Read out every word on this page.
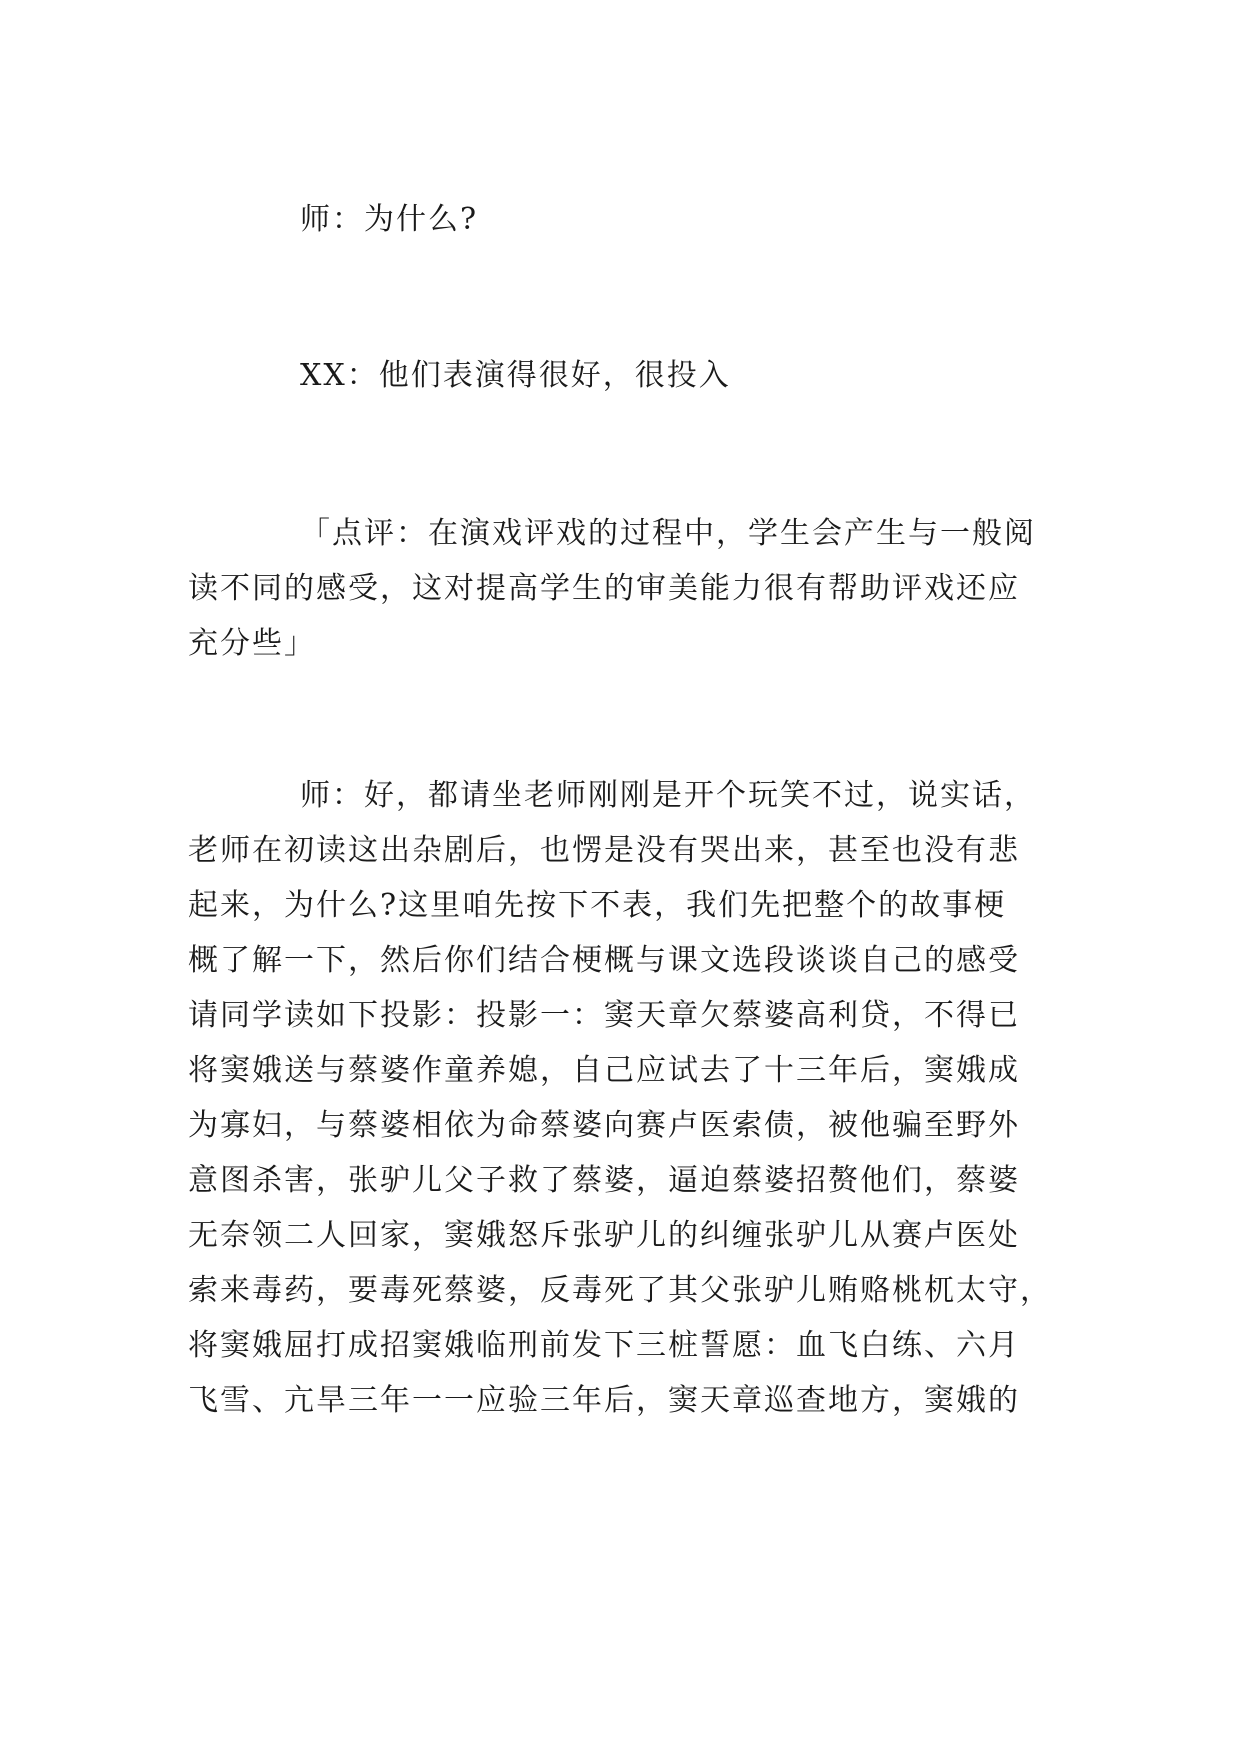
师：为什么?
XX：他们表演得很好，很投入
「点评：在演戏评戏的过程中，学生会产生与一般阅
读不同的感受，这对提高学生的审美能力很有帮助评戏还应
充分些」
师：好，都请坐老师刚刚是开个玩笑不过，说实话，
老师在初读这出杂剧后，也愣是没有哭出来，甚至也没有悲
起来，为什么?这里咱先按下不表，我们先把整个的故事梗
概了解一下，然后你们结合梗概与课文选段谈谈自己的感受
请同学读如下投影：投影一：窦天章欠蔡婆高利贷，不得已
将窦娥送与蔡婆作童养媳，自己应试去了十三年后，窦娥成
为寡妇，与蔡婆相依为命蔡婆向赛卢医索债，被他骗至野外
意图杀害，张驴儿父子救了蔡婆，逼迫蔡婆招赘他们，蔡婆
无奈领二人回家，窦娥怒斥张驴儿的纠缠张驴儿从赛卢医处
索来毒药，要毒死蔡婆，反毒死了其父张驴儿贿赂桃杌太守，
将窦娥屈打成招窦娥临刑前发下三桩誓愿：血飞白练、六月
飞雪、亢旱三年一一应验三年后，窦天章巡查地方，窦娥的
